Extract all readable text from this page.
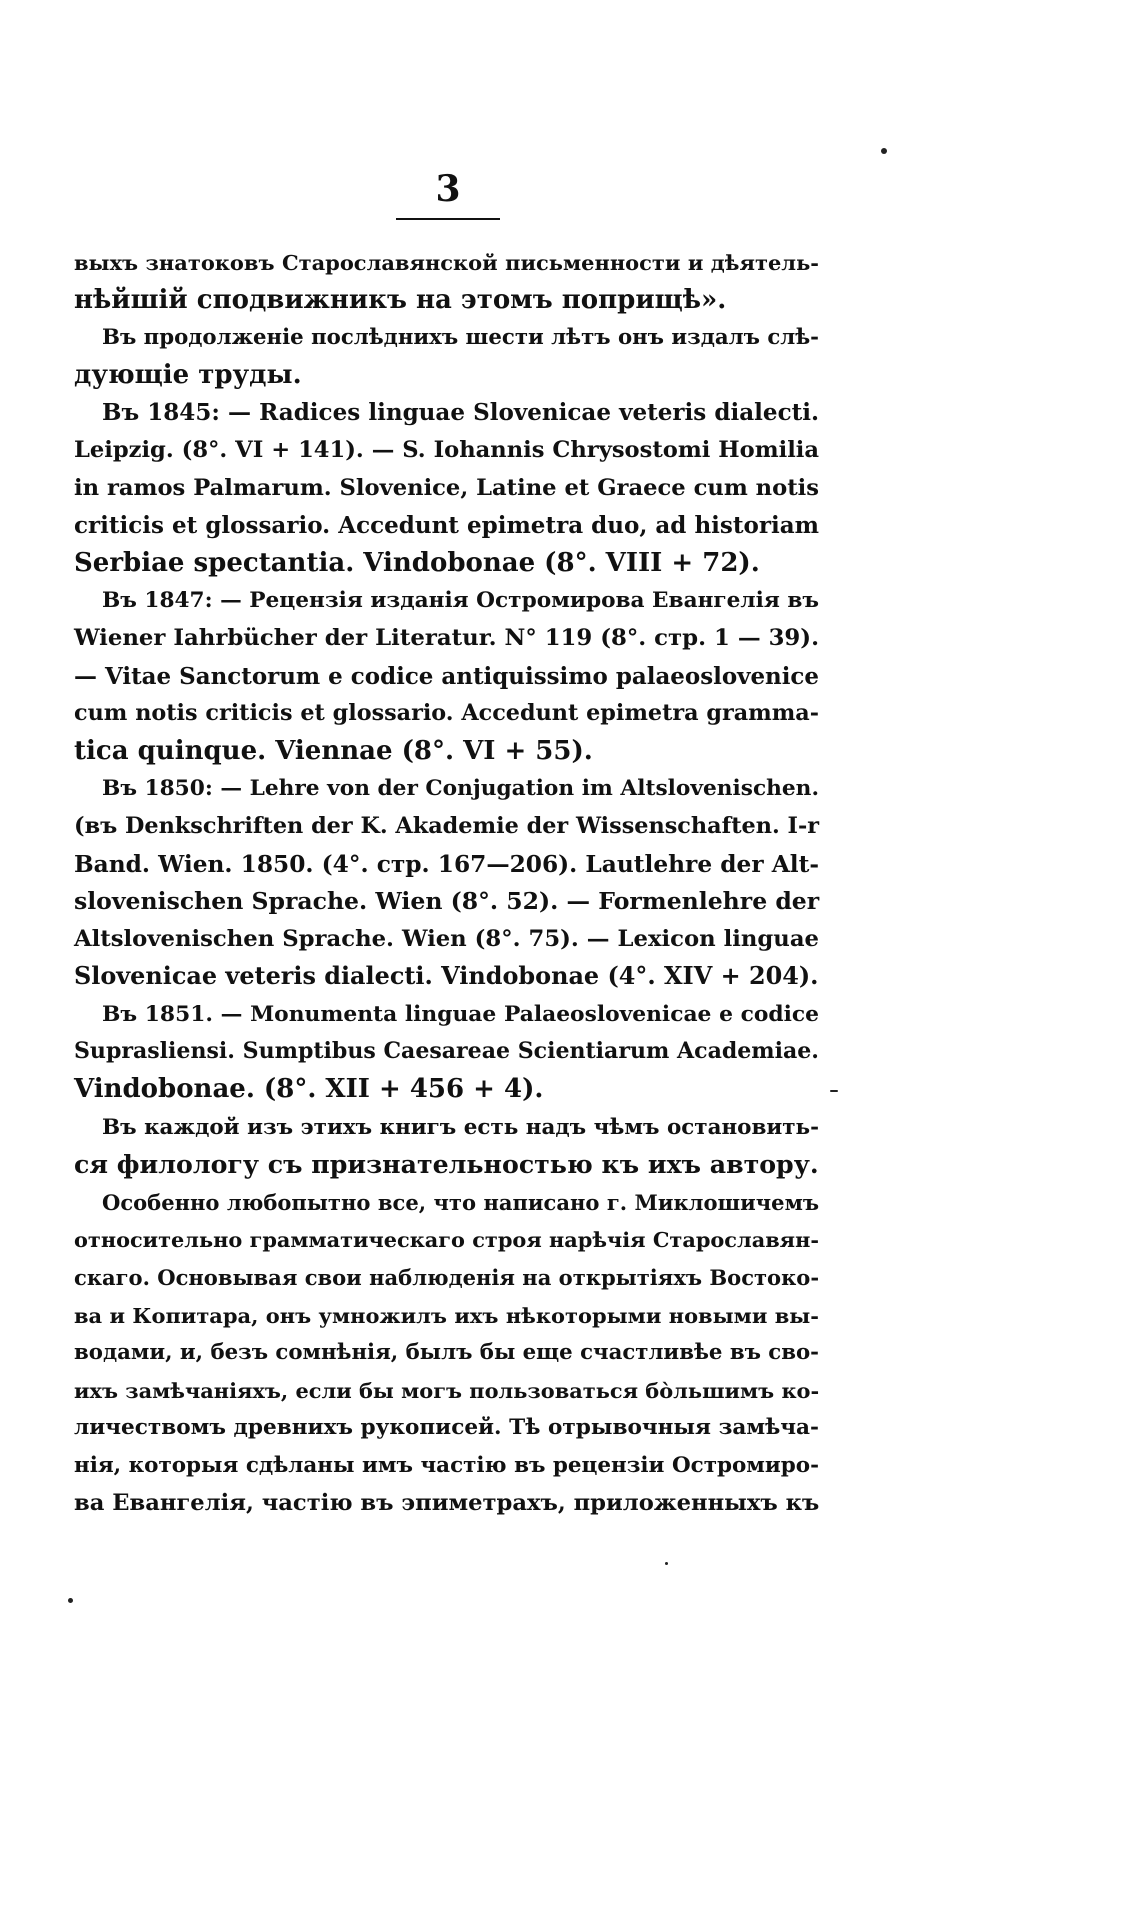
3
выхъ знатоковъ Старославянской письменности и дѣятель-
нѣйшій сподвижникъ на этомъ поприщѣ».
Въ продолженіе послѣднихъ шести лѣтъ онъ издалъ слѣ-
дующіе труды.
Въ 1845: — Radices linguae Slovenicae veteris dialecti.
Leipzig. (8°. VI + 141). — S. Iohannis Chrysostomi Homilia
in ramos Palmarum. Slovenice, Latine et Graece cum notis
criticis et glossario. Accedunt epimetra duo, ad historiam
Serbiae spectantia. Vindobonae (8°. VIII + 72).
Въ 1847: — Рецензія изданія Остромирова Евангелія въ
Wiener Iahrbücher der Literatur. N° 119 (8°. стр. 1 — 39).
— Vitae Sanctorum e codice antiquissimo palaeoslovenice
cum notis criticis et glossario. Accedunt epimetra gramma-
tica quinque. Viennae (8°. VI + 55).
Въ 1850: — Lehre von der Conjugation im Altslovenischen.
(въ Denkschriften der K. Akademie der Wissenschaften. I-r
Band. Wien. 1850. (4°. стр. 167—206). Lautlehre der Alt-
slovenischen Sprache. Wien (8°. 52). — Formenlehre der
Altslovenischen Sprache. Wien (8°. 75). — Lexicon linguae
Slovenicae veteris dialecti. Vindobonae (4°. XIV + 204).
Въ 1851. — Monumenta linguae Palaeoslovenicae e codice
Suprasliensi. Sumptibus Caesareae Scientiarum Academiae.
Vindobonae. (8°. XII + 456 + 4).
Въ каждой изъ этихъ книгъ есть надъ чѣмъ остановить-
ся филологу съ признательностью къ ихъ автору.
Особенно любопытно все, что написано г. Миклошичемъ
относительно грамматическаго строя нарѣчія Старославян-
скаго. Основывая свои наблюденія на открытіяхъ Востоко-
ва и Копитара, онъ умножилъ ихъ нѣкоторыми новыми вы-
водами, и, безъ сомнѣнія, былъ бы еще счастливѣе въ сво-
ихъ замѣчаніяхъ, если бы могъ пользоваться бо̀льшимъ ко-
личествомъ древнихъ рукописей. Тѣ отрывочныя замѣча-
нія, которыя сдѣланы имъ частію въ рецензіи Остромиро-
ва Евангелія, частію въ эпиметрахъ, приложенныхъ къ
